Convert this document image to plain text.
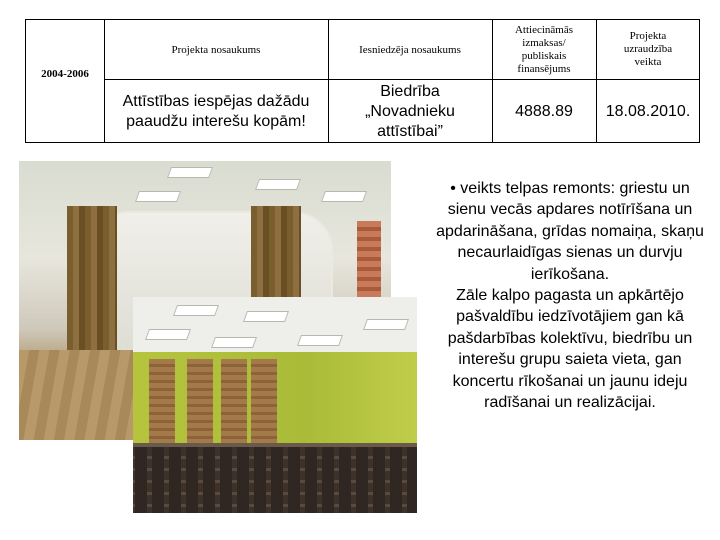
Projekta nosaukums	Iesniedzēja nosaukums
Attiecināmās izmaksas/ publiskais finansējums
Projekta uzraudzība veikta
2004-2006
Attīstības iespējas dažādu paaudžu interešu kopām!
Biedrība „Novadnieku attīstībai”
4888.89	18.08.2010.

• veikts telpas remonts: griestu un sienu vecās apdares notīrīšana un apdarināšana, grīdas nomaiņa, skaņu necaurlaidīgas sienas un durvju ierīkošana.

Zāle kalpo pagasta un apkārtējo pašvaldību iedzīvotājiem gan kā pašdarbības kolektīvu, biedrību un interešu grupu saieta vieta, gan koncertu rīkošanai un jaunu ideju radīšanai un realizācijai.
